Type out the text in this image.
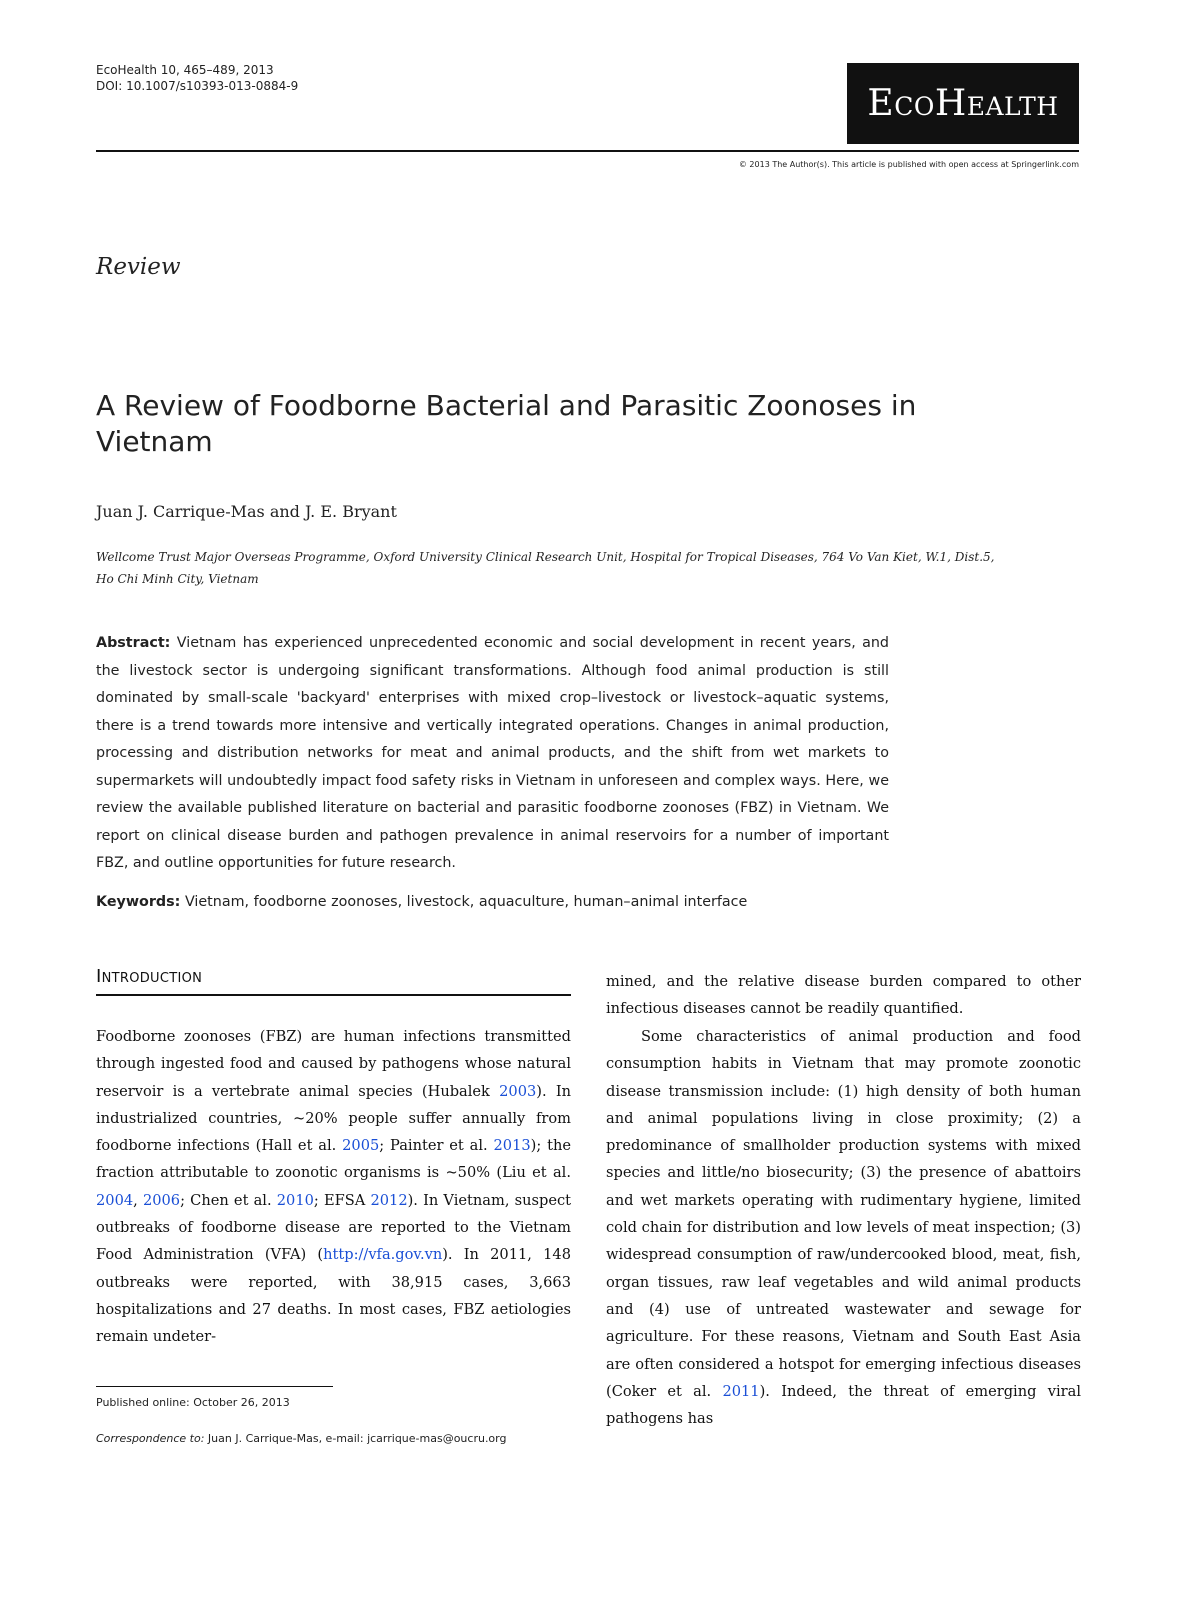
EcoHealth 10, 465–489, 2013
DOI: 10.1007/s10393-013-0884-9	EcoHealth
© 2013 The Author(s). This article is published with open access at Springerlink.com
Review
A Review of Foodborne Bacterial and Parasitic Zoonoses in Vietnam
Juan J. Carrique-Mas and J. E. Bryant
Wellcome Trust Major Overseas Programme, Oxford University Clinical Research Unit, Hospital for Tropical Diseases, 764 Vo Van Kiet, W.1, Dist.5,
Ho Chi Minh City, Vietnam

Abstract: Vietnam has experienced unprecedented economic and social development in recent years, and the livestock sector is undergoing significant transformations. Although food animal production is still dominated by small-scale 'backyard' enterprises with mixed crop–livestock or livestock–aquatic systems, there is a trend towards more intensive and vertically integrated operations. Changes in animal production, processing and distribution networks for meat and animal products, and the shift from wet markets to supermarkets will undoubtedly impact food safety risks in Vietnam in unforeseen and complex ways. Here, we review the available published literature on bacterial and parasitic foodborne zoonoses (FBZ) in Vietnam. We report on clinical disease burden and pathogen prevalence in animal reservoirs for a number of important FBZ, and outline opportunities for future research.

Keywords: Vietnam, foodborne zoonoses, livestock, aquaculture, human–animal interface
Introduction

Foodborne zoonoses (FBZ) are human infections transmitted through ingested food and caused by pathogens whose natural reservoir is a vertebrate animal species (Hubalek 2003). In industrialized countries, ~20% people suffer annually from foodborne infections (Hall et al. 2005; Painter et al. 2013); the fraction attributable to zoonotic organisms is ~50% (Liu et al. 2004, 2006; Chen et al. 2010; EFSA 2012). In Vietnam, suspect outbreaks of foodborne disease are reported to the Vietnam Food Administration (VFA) (http://vfa.gov.vn). In 2011, 148 outbreaks were reported, with 38,915 cases, 3,663 hospitalizations and 27 deaths. In most cases, FBZ aetiologies remain undeter-

mined, and the relative disease burden compared to other infectious diseases cannot be readily quantified.

Some characteristics of animal production and food consumption habits in Vietnam that may promote zoonotic disease transmission include: (1) high density of both human and animal populations living in close proximity; (2) a predominance of smallholder production systems with mixed species and little/no biosecurity; (3) the presence of abattoirs and wet markets operating with rudimentary hygiene, limited cold chain for distribution and low levels of meat inspection; (3) widespread consumption of raw/undercooked blood, meat, fish, organ tissues, raw leaf vegetables and wild animal products and (4) use of untreated wastewater and sewage for agriculture. For these reasons, Vietnam and South East Asia are often considered a hotspot for emerging infectious diseases (Coker et al. 2011). Indeed, the threat of emerging viral pathogens has

Published online: October 26, 2013
Correspondence to: Juan J. Carrique-Mas, e-mail: jcarrique-mas@oucru.org
